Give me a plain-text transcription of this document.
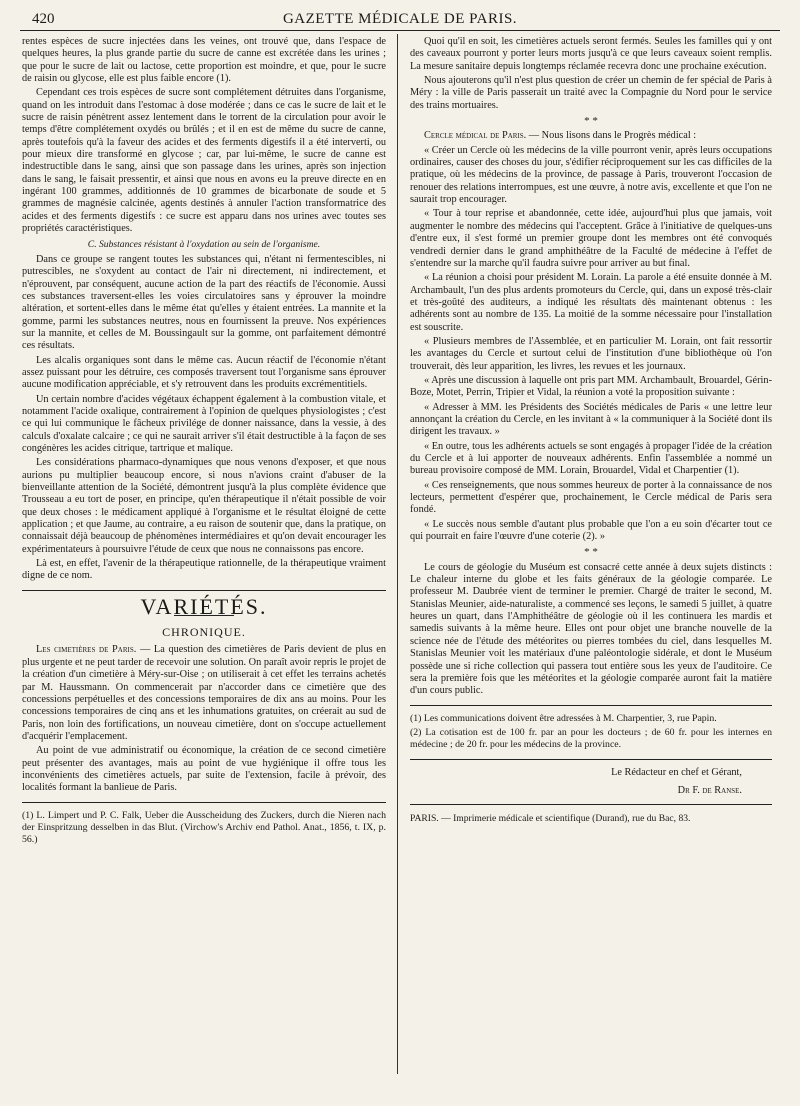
420	GAZETTE MÉDICALE DE PARIS.

rentes espèces de sucre injectées dans les veines, ont trouvé que, dans l'espace de quelques heures, la plus grande partie du sucre de canne est excrétée dans les urines ; que pour le sucre de lait ou lactose, cette proportion est moindre, et que, pour le sucre de raisin ou glycose, elle est plus faible encore (1).

Cependant ces trois espèces de sucre sont complétement détruites dans l'organisme, quand on les introduit dans l'estomac à dose modérée ; dans ce cas le sucre de lait et le sucre de raisin pénètrent assez lentement dans le torrent de la circulation pour avoir le temps d'être complétement oxydés ou brûlés ; et il en est de même du sucre de canne, après toutefois qu'à la faveur des acides et des ferments digestifs il a été interverti, ou pour mieux dire transformé en glycose ; car, par lui-même, le sucre de canne est indestructible dans le sang, ainsi que son passage dans les urines, après son injection dans le sang, le faisait pressentir, et ainsi que nous en avons eu la preuve directe en en ingérant 100 grammes, additionnés de 10 grammes de bicarbonate de soude et 5 grammes de magnésie calcinée, agents destinés à annuler l'action transformatrice des acides et des ferments digestifs : ce sucre est apparu dans nos urines avec toutes ses propriétés caractéristiques.

C. Substances résistant à l'oxydation au sein de l'organisme.

Dans ce groupe se rangent toutes les substances qui, n'étant ni fermentescibles, ni putrescibles, ne s'oxydent au contact de l'air ni directement, ni indirectement, et n'éprouvent, par conséquent, aucune action de la part des réactifs de l'économie. Aussi ces substances traversent-elles les voies circulatoires sans y éprouver la moindre altération, et sortent-elles dans le même état qu'elles y étaient entrées. La mannite et la gomme, parmi les substances neutres, nous en fournissent la preuve. Nos expériences sur la mannite, et celles de M. Boussingault sur la gomme, ont parfaitement démontré ces résultats.

Les alcalis organiques sont dans le même cas. Aucun réactif de l'économie n'étant assez puissant pour les détruire, ces composés traversent tout l'organisme sans éprouver aucune modification appréciable, et s'y retrouvent dans les produits excrémentitiels.

Un certain nombre d'acides végétaux échappent également à la combustion vitale, et notamment l'acide oxalique, contrairement à l'opinion de quelques physiologistes ; c'est ce qui lui communique le fâcheux privilége de donner naissance, dans la vessie, à des calculs d'oxalate calcaire ; ce qui ne saurait arriver s'il était destructible à la façon de ses congénères les acides citrique, tartrique et malique.

Les considérations pharmaco-dynamiques que nous venons d'exposer, et que nous aurions pu multiplier beaucoup encore, si nous n'avions craint d'abuser de la bienveillante attention de la Société, démontrent jusqu'à la plus complète évidence que Trousseau a eu tort de poser, en principe, qu'en thérapeutique il n'était possible de voir que deux choses : le médicament appliqué à l'organisme et le résultat éloigné de cette application ; et que Jaume, au contraire, a eu raison de soutenir que, dans la pratique, on connaissait déjà beaucoup de phénomènes intermédiaires et qu'on devait encourager les expérimentateurs à poursuivre l'étude de ceux que nous ne connaissons pas encore.

Là est, en effet, l'avenir de la thérapeutique rationnelle, de la thérapeutique vraiment digne de ce nom.

VARIÉTÉS.
CHRONIQUE.

Les cimetières de Paris. — La question des cimetières de Paris devient de plus en plus urgente et ne peut tarder de recevoir une solution. On paraît avoir repris le projet de la création d'un cimetière à Méry-sur-Oise ; on utiliserait à cet effet les terrains achetés par M. Haussmann. On commencerait par n'accorder dans ce cimetière que des concessions perpétuelles et des concessions temporaires de dix ans au moins. Pour les concessions temporaires de cinq ans et les inhumations gratuites, on créerait au sud de Paris, non loin des fortifications, un nouveau cimetière, dont on s'occupe actuellement d'acquérir l'emplacement.

Au point de vue administratif ou économique, la création de ce second cimetière peut présenter des avantages, mais au point de vue hygiénique il offre tous les inconvénients des cimetières actuels, par suite de l'extension, facile à prévoir, des localités formant la banlieue de Paris.

(1) L. Limpert und P. C. Falk, Ueber die Ausscheidung des Zuckers, durch die Nieren nach der Einspritzung desselben in das Blut. (Virchow's Archiv end Pathol. Anat., 1856, t. IX, p. 56.)

Quoi qu'il en soit, les cimetières actuels seront fermés. Seules les familles qui y ont des caveaux pourront y porter leurs morts jusqu'à ce que leurs caveaux soient remplis. La mesure sanitaire depuis longtemps réclamée recevra donc une prochaine exécution.

Nous ajouterons qu'il n'est plus question de créer un chemin de fer spécial de Paris à Méry : la ville de Paris passerait un traité avec la Compagnie du Nord pour le service des trains mortuaires.

* *

Cercle médical de Paris. — Nous lisons dans le Progrès médical :

« Créer un Cercle où les médecins de la ville pourront venir, après leurs occupations ordinaires, causer des choses du jour, s'édifier réciproquement sur les cas difficiles de la pratique, où les médecins de la province, de passage à Paris, trouveront l'occasion de renouer des relations interrompues, est une œuvre, à notre avis, excellente et que l'on ne saurait trop encourager.

« Tour à tour reprise et abandonnée, cette idée, aujourd'hui plus que jamais, voit augmenter le nombre des médecins qui l'acceptent. Grâce à l'initiative de quelques-uns d'entre eux, il s'est formé un premier groupe dont les membres ont été convoqués vendredi dernier dans le grand amphithéâtre de la Faculté de médecine à l'effet de s'entendre sur la marche qu'il faudra suivre pour arriver au but final.

« La réunion a choisi pour président M. Lorain. La parole a été ensuite donnée à M. Archambault, l'un des plus ardents promoteurs du Cercle, qui, dans un exposé très-clair et très-goûté des auditeurs, a indiqué les résultats dès maintenant obtenus : les adhérents sont au nombre de 135. La moitié de la somme nécessaire pour l'installation est souscrite.

« Plusieurs membres de l'Assemblée, et en particulier M. Lorain, ont fait ressortir les avantages du Cercle et surtout celui de l'institution d'une bibliothèque où l'on trouverait, dès leur apparition, les livres, les revues et les journaux.

« Après une discussion à laquelle ont pris part MM. Archambault, Brouardel, Gérin-Boze, Motet, Perrin, Tripier et Vidal, la réunion a voté la proposition suivante :

« Adresser à MM. les Présidents des Sociétés médicales de Paris « une lettre leur annonçant la création du Cercle, en les invitant à « la communiquer à la Société dont ils dirigent les travaux. »

« En outre, tous les adhérents actuels se sont engagés à propager l'idée de la création du Cercle et à lui apporter de nouveaux adhérents. Enfin l'assemblée a nommé un bureau provisoire composé de MM. Lorain, Brouardel, Vidal et Charpentier (1).

« Ces renseignements, que nous sommes heureux de porter à la connaissance de nos lecteurs, permettent d'espérer que, prochainement, le Cercle médical de Paris sera fondé.

« Le succès nous semble d'autant plus probable que l'on a eu soin d'écarter tout ce qui pourrait en faire l'œuvre d'une coterie (2). »

* *

Le cours de géologie du Muséum est consacré cette année à deux sujets distincts : Le chaleur interne du globe et les faits généraux de la géologie comparée. Le professeur M. Daubrée vient de terminer le premier. Chargé de traiter le second, M. Stanislas Meunier, aide-naturaliste, a commencé ses leçons, le samedi 5 juillet, à quatre heures un quart, dans l'Amphithéâtre de géologie où il les continuera les mardis et samedis suivants à la même heure. Elles ont pour objet une branche nouvelle de la science née de l'étude des météorites ou pierres tombées du ciel, dans lesquelles M. Stanislas Meunier voit les matériaux d'une paléontologie sidérale, et dont le Muséum possède une si riche collection qui passera tout entière sous les yeux de l'auditoire. Ce sera la première fois que les météorites et la géologie comparée auront fait la matière d'un cours public.

(1) Les communications doivent être adressées à M. Charpentier, 3, rue Papin.

(2) La cotisation est de 100 fr. par an pour les docteurs ; de 60 fr. pour les internes en médecine ; de 20 fr. pour les médecins de la province.

Le Rédacteur en chef et Gérant,

Dr F. de Ranse.

PARIS. — Imprimerie médicale et scientifique (Durand), rue du Bac, 83.
